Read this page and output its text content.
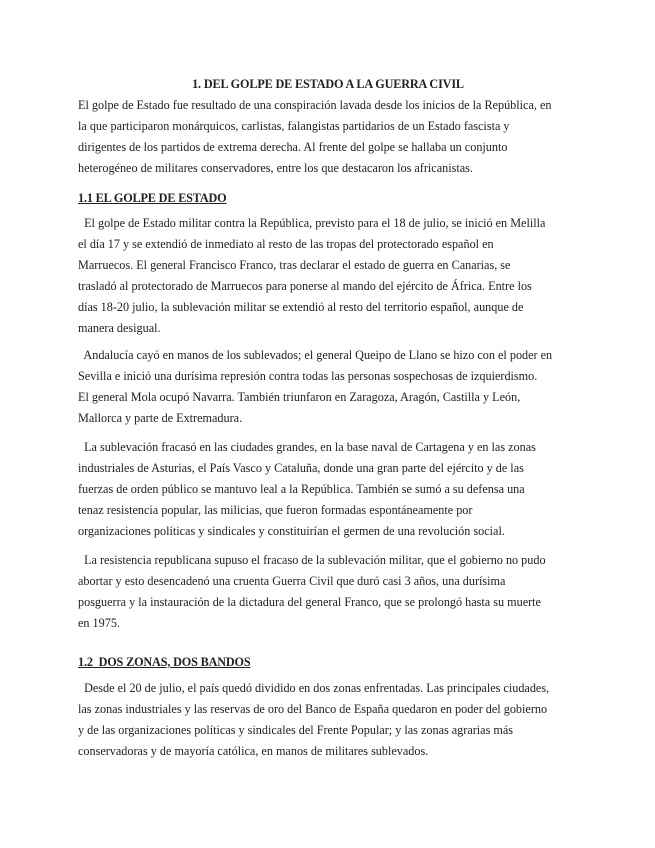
1. DEL GOLPE DE ESTADO A LA GUERRA CIVIL
El golpe de Estado fue resultado de una conspiración lavada desde los inicios de la República, en
la que participaron monárquicos, carlistas, falangistas partidarios de un Estado fascista y
dirigentes de los partidos de extrema derecha. Al frente del golpe se hallaba un conjunto
heterogéneo de militares conservadores, entre los que destacaron los africanistas.
1.1 EL GOLPE DE ESTADO
El golpe de Estado militar contra la República, previsto para el 18 de julio, se inició en Melilla
el día 17 y se extendió de inmediato al resto de las tropas del protectorado español en
Marruecos. El general Francisco Franco, tras declarar el estado de guerra en Canarias, se
trasladó al protectorado de Marruecos para ponerse al mando del ejército de África. Entre los
días 18-20 julio, la sublevación militar se extendió al resto del territorio español, aunque de
manera desigual.
Andalucía cayó en manos de los sublevados; el general Queipo de Llano se hizo con el poder en
Sevilla e inició una durísima represión contra todas las personas sospechosas de izquierdismo.
El general Mola ocupó Navarra. También triunfaron en Zaragoza, Aragón, Castilla y León,
Mallorca y parte de Extremadura.
La sublevación fracasó en las ciudades grandes, en la base naval de Cartagena y en las zonas
industriales de Asturias, el País Vasco y Cataluña, donde una gran parte del ejército y de las
fuerzas de orden público se mantuvo leal a la República. También se sumó a su defensa una
tenaz resistencia popular, las milicias, que fueron formadas espontáneamente por
organizaciones políticas y sindicales y constituirían el germen de una revolución social.
La resistencia republicana supuso el fracaso de la sublevación militar, que el gobierno no pudo
abortar y esto desencadenó una cruenta Guerra Civil que duró casi 3 años, una durísima
posguerra y la instauración de la dictadura del general Franco, que se prolongó hasta su muerte
en 1975.
1.2  DOS ZONAS, DOS BANDOS
Desde el 20 de julio, el país quedó dividido en dos zonas enfrentadas. Las principales ciudades,
las zonas industriales y las reservas de oro del Banco de España quedaron en poder del gobierno
y de las organizaciones políticas y sindicales del Frente Popular; y las zonas agrarias más
conservadoras y de mayoría católica, en manos de militares sublevados.
